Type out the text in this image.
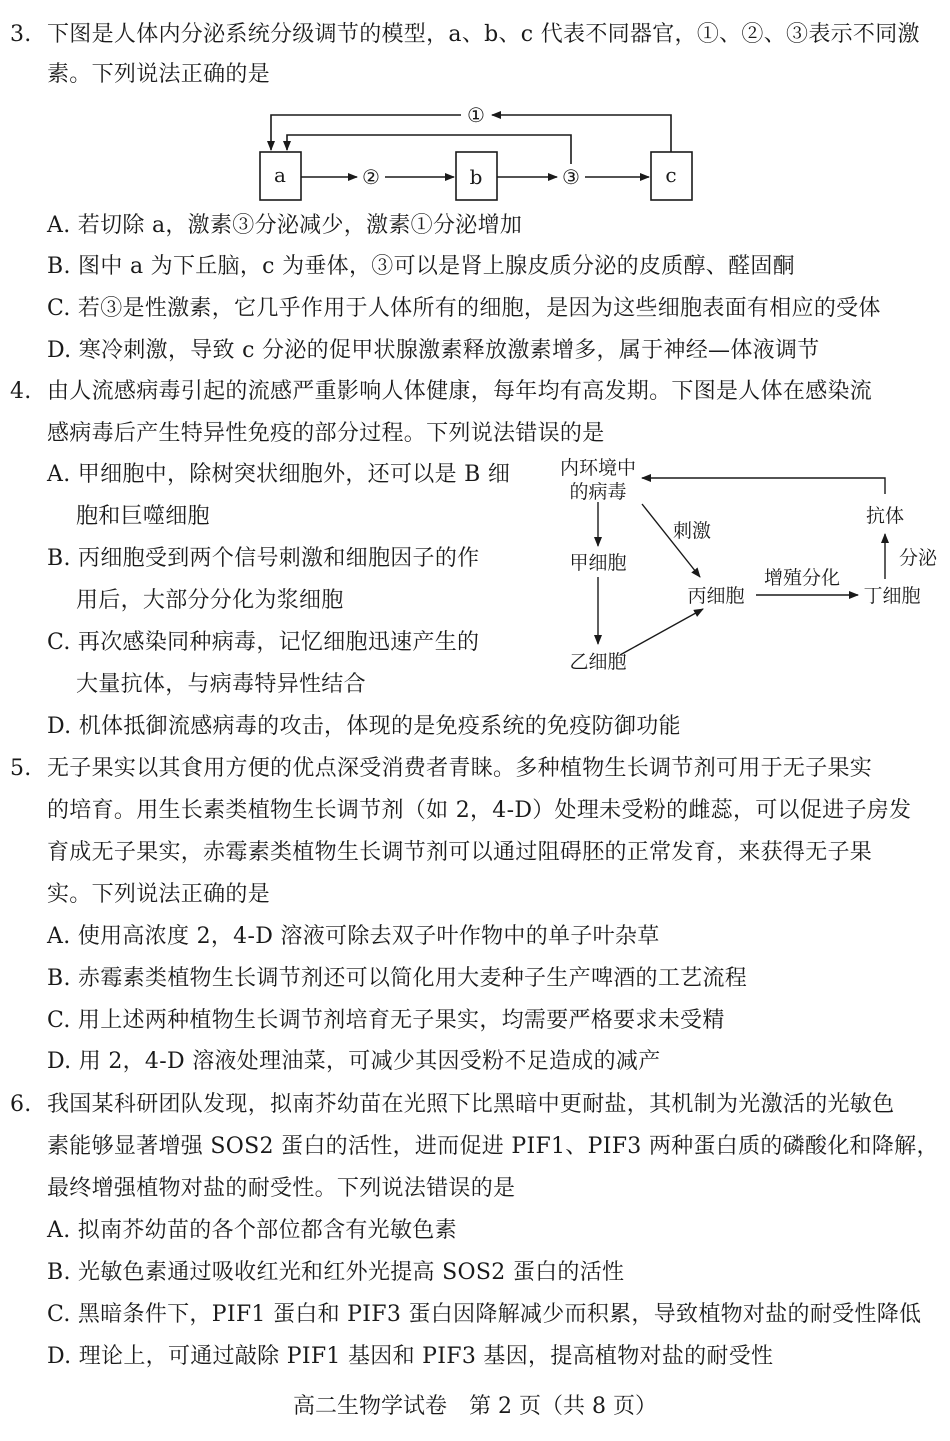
3. 下图是人体内分泌系统分级调节的模型，a、b、c 代表不同器官，①、②、③表示不同激
素。下列说法正确的是
a	b	c
①
②	③
A. 若切除 a，激素③分泌减少，激素①分泌增加
B. 图中 a 为下丘脑，c 为垂体，③可以是肾上腺皮质分泌的皮质醇、醛固酮
C. 若③是性激素，它几乎作用于人体所有的细胞，是因为这些细胞表面有相应的受体
D. 寒冷刺激，导致 c 分泌的促甲状腺激素释放激素增多，属于神经—体液调节
4. 由人流感病毒引起的流感严重影响人体健康，每年均有高发期。下图是人体在感染流
感病毒后产生特异性免疫的部分过程。下列说法错误的是
A. 甲细胞中，除树突状细胞外，还可以是 B 细
胞和巨噬细胞
B. 丙细胞受到两个信号刺激和细胞因子的作
用后，大部分分化为浆细胞
C. 再次感染同种病毒，记忆细胞迅速产生的
大量抗体，与病毒特异性结合
D. 机体抵御流感病毒的攻击，体现的是免疫系统的免疫防御功能
内环境中
的病毒
甲细胞
乙细胞
丙细胞	丁细胞
抗体
刺激
增殖分化
分泌
5. 无子果实以其食用方便的优点深受消费者青睐。多种植物生长调节剂可用于无子果实
的培育。用生长素类植物生长调节剂（如 2，4-D）处理未受粉的雌蕊，可以促进子房发
育成无子果实，赤霉素类植物生长调节剂可以通过阻碍胚的正常发育，来获得无子果
实。下列说法正确的是
A. 使用高浓度 2，4-D 溶液可除去双子叶作物中的单子叶杂草
B. 赤霉素类植物生长调节剂还可以简化用大麦种子生产啤酒的工艺流程
C. 用上述两种植物生长调节剂培育无子果实，均需要严格要求未受精
D. 用 2，4-D 溶液处理油菜，可减少其因受粉不足造成的减产
6. 我国某科研团队发现，拟南芥幼苗在光照下比黑暗中更耐盐，其机制为光激活的光敏色
素能够显著增强 SOS2 蛋白的活性，进而促进 PIF1、PIF3 两种蛋白质的磷酸化和降解，
最终增强植物对盐的耐受性。下列说法错误的是
A. 拟南芥幼苗的各个部位都含有光敏色素
B. 光敏色素通过吸收红光和红外光提高 SOS2 蛋白的活性
C. 黑暗条件下，PIF1 蛋白和 PIF3 蛋白因降解减少而积累，导致植物对盐的耐受性降低
D. 理论上，可通过敲除 PIF1 基因和 PIF3 基因，提高植物对盐的耐受性
高二生物学试卷　第 2 页（共 8 页）
